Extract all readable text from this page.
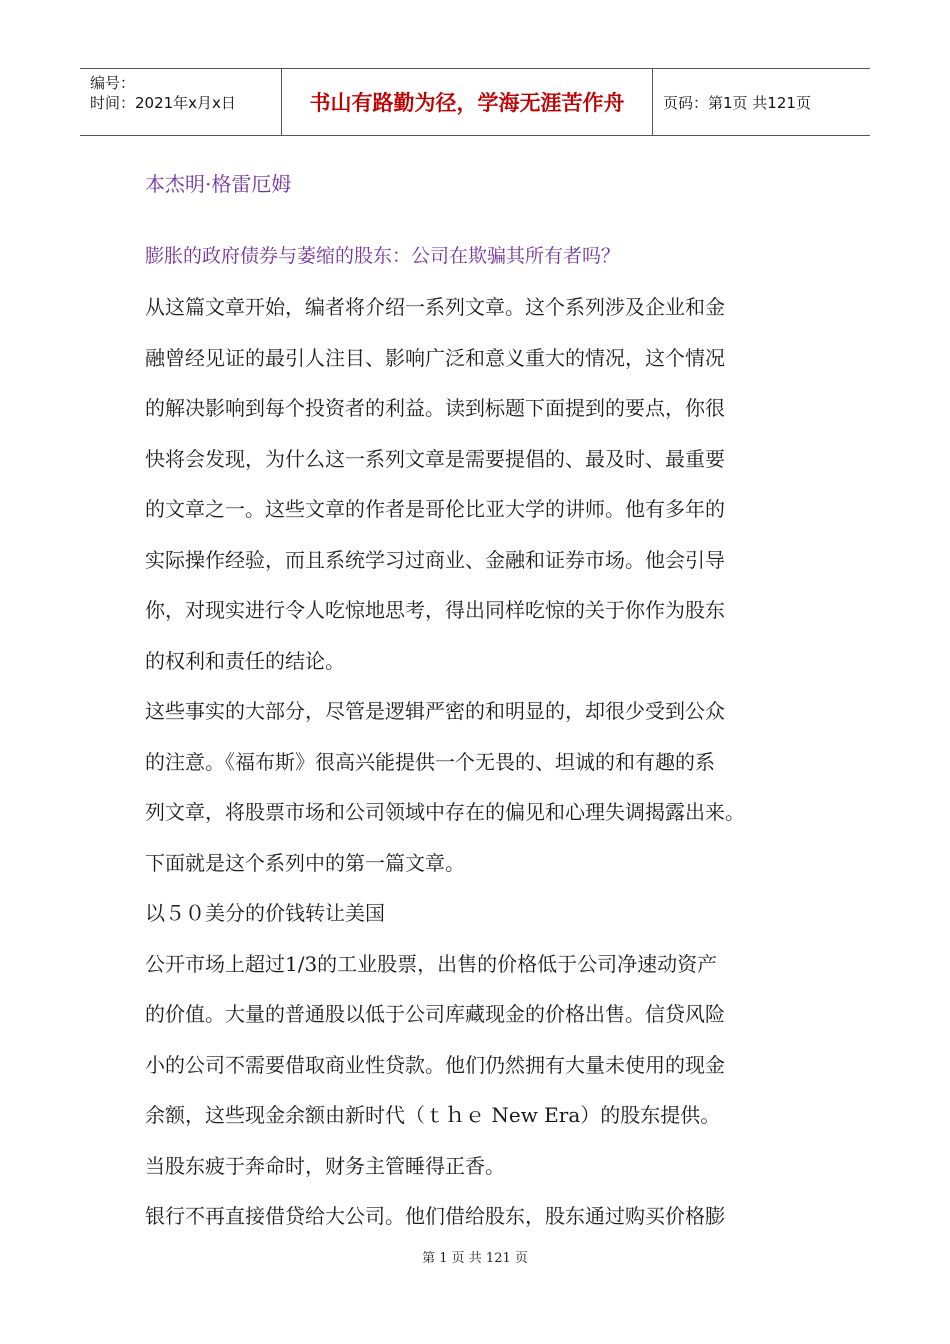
编号：
时间：2021年x月x日	书山有路勤为径，学海无涯苦作舟	页码：第1页 共121页
本杰明·格雷厄姆
膨胀的政府债券与萎缩的股东：公司在欺骗其所有者吗？

从这篇文章开始，编者将介绍一系列文章。这个系列涉及企业和金

融曾经见证的最引人注目、影响广泛和意义重大的情况，这个情况

的解决影响到每个投资者的利益。读到标题下面提到的要点，你很

快将会发现，为什么这一系列文章是需要提倡的、最及时、最重要

的文章之一。这些文章的作者是哥伦比亚大学的讲师。他有多年的

实际操作经验，而且系统学习过商业、金融和证券市场。他会引导

你，对现实进行令人吃惊地思考，得出同样吃惊的关于你作为股东

的权利和责任的结论。

这些事实的大部分，尽管是逻辑严密的和明显的，却很少受到公众

的注意。《福布斯》很高兴能提供一个无畏的、坦诚的和有趣的系

列文章，将股票市场和公司领域中存在的偏见和心理失调揭露出来。

下面就是这个系列中的第一篇文章。

以５０美分的价钱转让美国

公开市场上超过1/3的工业股票，出售的价格低于公司净速动资产

的价值。大量的普通股以低于公司库藏现金的价格出售。信贷风险

小的公司不需要借取商业性贷款。他们仍然拥有大量未使用的现金

余额，这些现金余额由新时代（ｔｈｅ New Era）的股东提供。

当股东疲于奔命时，财务主管睡得正香。

银行不再直接借贷给大公司。他们借给股东，股东通过购买价格膨

第 1 页 共 121 页
